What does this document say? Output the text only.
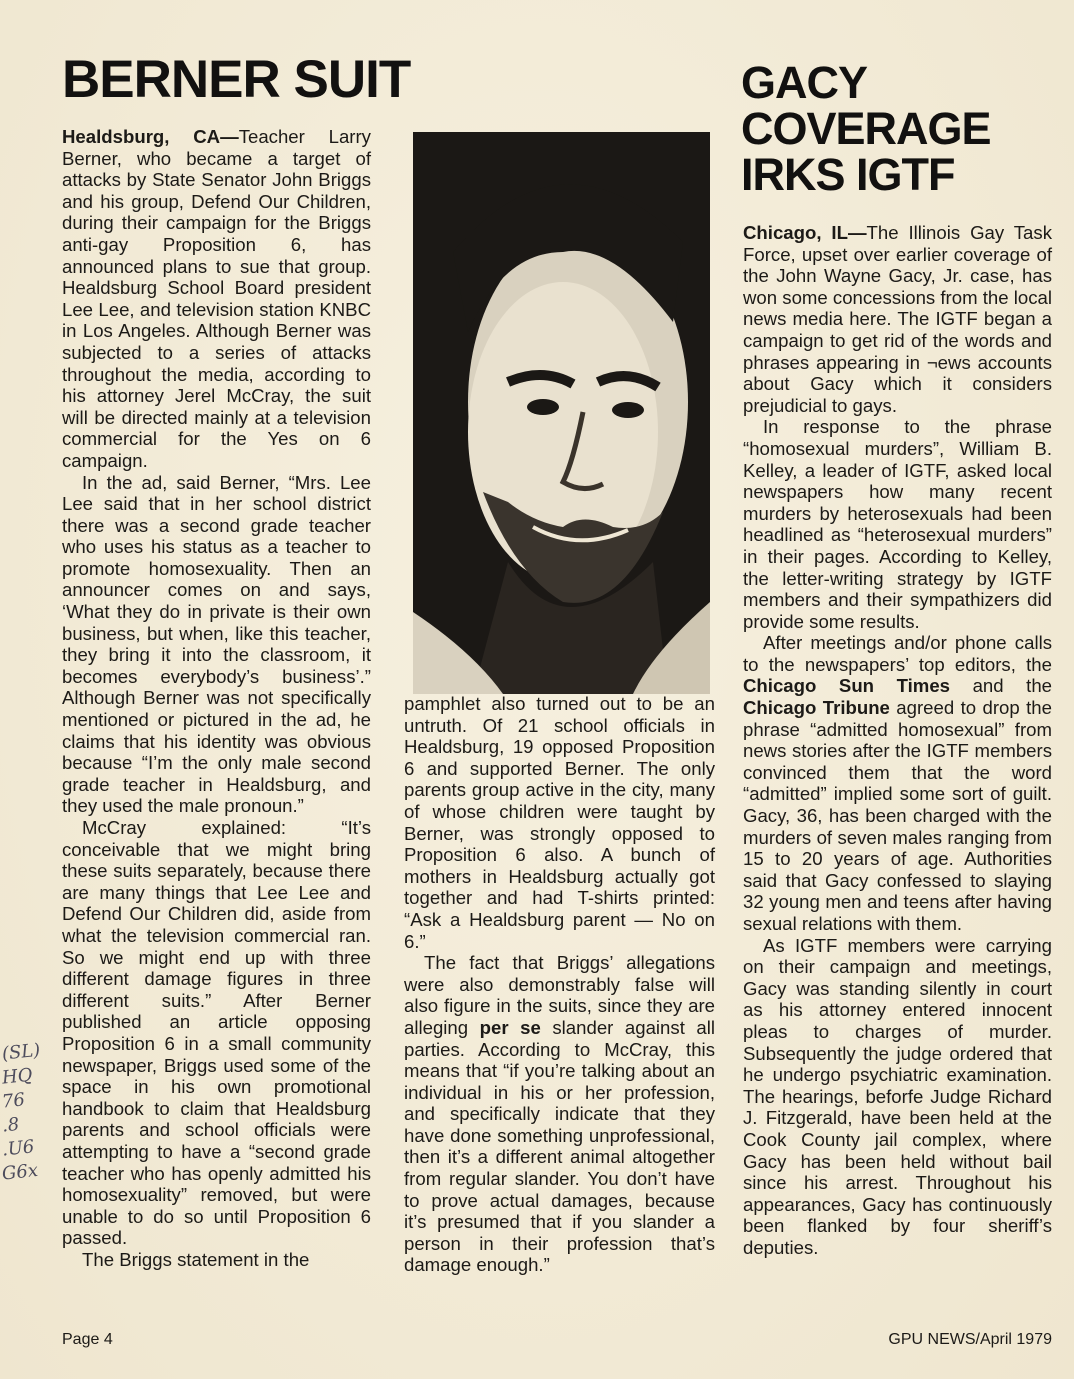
BERNER SUIT

Healdsburg, CA—Teacher Larry Berner, who became a target of attacks by State Senator John Briggs and his group, Defend Our Children, during their campaign for the Briggs anti-gay Proposition 6, has announced plans to sue that group. Healdsburg School Board president Lee Lee, and television station KNBC in Los Angeles. Although Berner was subjected to a series of attacks throughout the media, according to his attorney Jerel McCray, the suit will be directed mainly at a television commercial for the Yes on 6 campaign.

In the ad, said Berner, “Mrs. Lee Lee said that in her school district there was a second grade teacher who uses his status as a teacher to promote homosexuality. Then an announcer comes on and says, ‘What they do in private is their own business, but when, like this teacher, they bring it into the classroom, it becomes everybody’s business’.” Although Berner was not specifically mentioned or pictured in the ad, he claims that his identity was obvious because “I’m the only male second grade teacher in Healdsburg, and they used the male pronoun.”

McCray explained: “It’s conceivable that we might bring these suits separately, because there are many things that Lee Lee and Defend Our Children did, aside from what the television commercial ran. So we might end up with three different damage figures in three different suits.” After Berner published an article opposing Proposition 6 in a small community newspaper, Briggs used some of the space in his own promotional handbook to claim that Healdsburg parents and school officials were attempting to have a “second grade teacher who has openly admitted his homosexuality” removed, but were unable to do so until Proposition 6 passed.

The Briggs statement in the

pamphlet also turned out to be an untruth. Of 21 school officials in Healdsburg, 19 opposed Proposition 6 and supported Berner. The only parents group active in the city, many of whose children were taught by Berner, was strongly opposed to Proposition 6 also. A bunch of mothers in Healdsburg actually got together and had T-shirts printed: “Ask a Healdsburg parent — No on 6.”

The fact that Briggs’ allegations were also demonstrably false will also figure in the suits, since they are alleging per se slander against all parties. According to McCray, this means that “if you’re talking about an individual in his or her profession, and specifically indicate that they have done something unprofessional, then it’s a different animal altogether from regular slander. You don’t have to prove actual damages, because it’s presumed that if you slander a person in their profession that’s damage enough.”

GACY
COVERAGE
IRKS IGTF

Chicago, IL—The Illinois Gay Task Force, upset over earlier coverage of the John Wayne Gacy, Jr. case, has won some concessions from the local news media here. The IGTF began a campaign to get rid of the words and phrases appearing in ¬ews accounts about Gacy which it considers prejudicial to gays.

In response to the phrase “homosexual murders”, William B. Kelley, a leader of IGTF, asked local newspapers how many recent murders by heterosexuals had been headlined as “heterosexual murders” in their pages. According to Kelley, the letter-writing strategy by IGTF members and their sympathizers did provide some results.

After meetings and/or phone calls to the newspapers’ top editors, the Chicago Sun Times and the Chicago Tribune agreed to drop the phrase “admitted homosexual” from news stories after the IGTF members convinced them that the word “admitted” implied some sort of guilt. Gacy, 36, has been charged with the murders of seven males ranging from 15 to 20 years of age. Authorities said that Gacy confessed to slaying 32 young men and teens after having sexual relations with them.

As IGTF members were carrying on their campaign and meetings, Gacy was standing silently in court as his attorney entered innocent pleas to charges of murder. Subsequently the judge ordered that he undergo psychiatric examination. The hearings, beforfe Judge Richard J. Fitzgerald, have been held at the Cook County jail complex, where Gacy has been held without bail since his arrest. Throughout his appearances, Gacy has continuously been flanked by four sheriff’s deputies.

(SL)
HQ
76
.8
.U6
G6x
Page 4	GPU NEWS/April 1979
